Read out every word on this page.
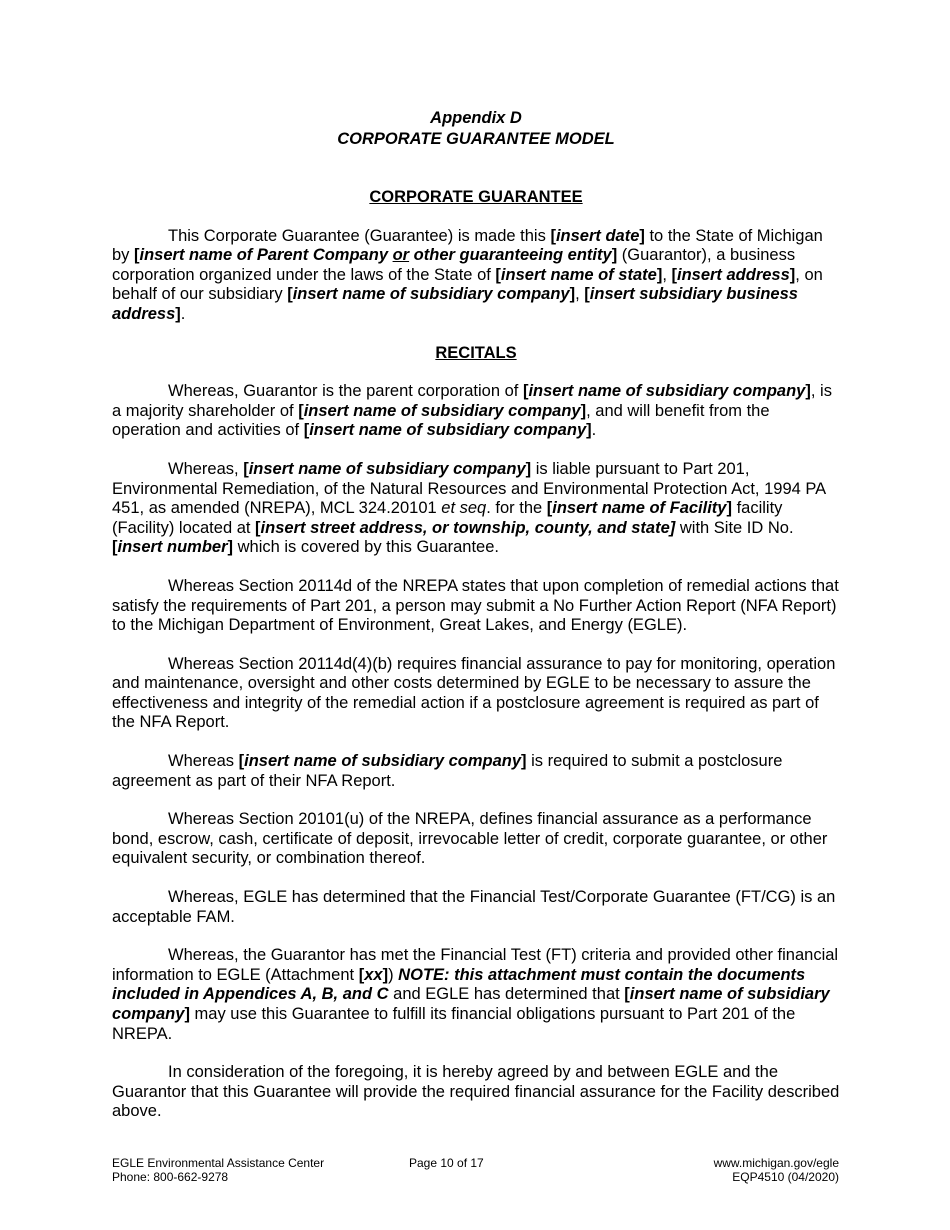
Appendix D
CORPORATE GUARANTEE MODEL

CORPORATE GUARANTEE

This Corporate Guarantee (Guarantee) is made this [insert date] to the State of Michigan by [insert name of Parent Company or other guaranteeing entity] (Guarantor), a business corporation organized under the laws of the State of [insert name of state], [insert address], on behalf of our subsidiary [insert name of subsidiary company], [insert subsidiary business address].

RECITALS

Whereas, Guarantor is the parent corporation of [insert name of subsidiary company], is a majority shareholder of [insert name of subsidiary company], and will benefit from the operation and activities of [insert name of subsidiary company].

Whereas, [insert name of subsidiary company] is liable pursuant to Part 201, Environmental Remediation, of the Natural Resources and Environmental Protection Act, 1994 PA 451, as amended (NREPA), MCL 324.20101 et seq. for the [insert name of Facility] facility (Facility) located at [insert street address, or township, county, and state] with Site ID No. [insert number] which is covered by this Guarantee.

Whereas Section 20114d of the NREPA states that upon completion of remedial actions that satisfy the requirements of Part 201, a person may submit a No Further Action Report (NFA Report) to the Michigan Department of Environment, Great Lakes, and Energy (EGLE).

Whereas Section 20114d(4)(b) requires financial assurance to pay for monitoring, operation and maintenance, oversight and other costs determined by EGLE to be necessary to assure the effectiveness and integrity of the remedial action if a postclosure agreement is required as part of the NFA Report.

Whereas [insert name of subsidiary company] is required to submit a postclosure agreement as part of their NFA Report.

Whereas Section 20101(u) of the NREPA, defines financial assurance as a performance bond, escrow, cash, certificate of deposit, irrevocable letter of credit, corporate guarantee, or other equivalent security, or combination thereof.

Whereas, EGLE has determined that the Financial Test/Corporate Guarantee (FT/CG) is an acceptable FAM.

Whereas, the Guarantor has met the Financial Test (FT) criteria and provided other financial information to EGLE (Attachment [xx]) NOTE: this attachment must contain the documents included in Appendices A, B, and C and EGLE has determined that [insert name of subsidiary company] may use this Guarantee to fulfill its financial obligations pursuant to Part 201 of the NREPA.

In consideration of the foregoing, it is hereby agreed by and between EGLE and the Guarantor that this Guarantee will provide the required financial assurance for the Facility described above.

EGLE Environmental Assistance Center
Phone: 800-662-9278
Page 10 of 17	www.michigan.gov/egle
EQP4510 (04/2020)
